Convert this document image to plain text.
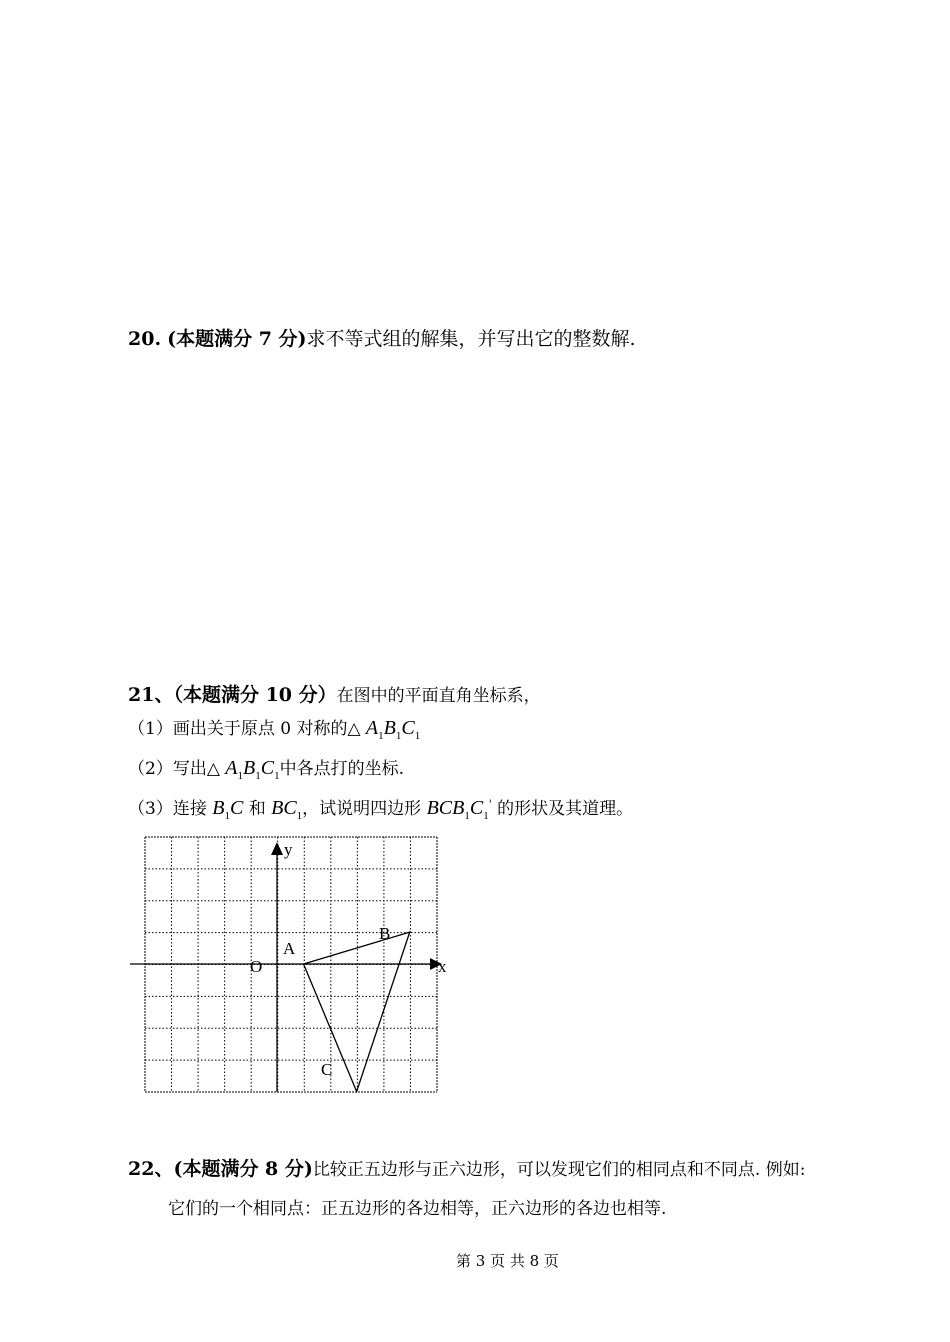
20. (本题满分 7 分)求不等式组的解集，并写出它的整数解.
21、（本题满分 10 分）在图中的平面直角坐标系，
（1）画出关于原点 0 对称的△ $A_1B_1C_1$
（2）写出△ $A_1B_1C_1$中各点打的坐标.
（3）连接 $B_1C$ 和 $BC_1$，试说明四边形 $BCB_1C_1'$ 的形状及其道理。
y
x
O
A
B
C
22、(本题满分 8 分)比较正五边形与正六边形，可以发现它们的相同点和不同点. 例如:
它们的一个相同点：正五边形的各边相等，正六边形的各边也相等.
第 3 页 共 8 页
